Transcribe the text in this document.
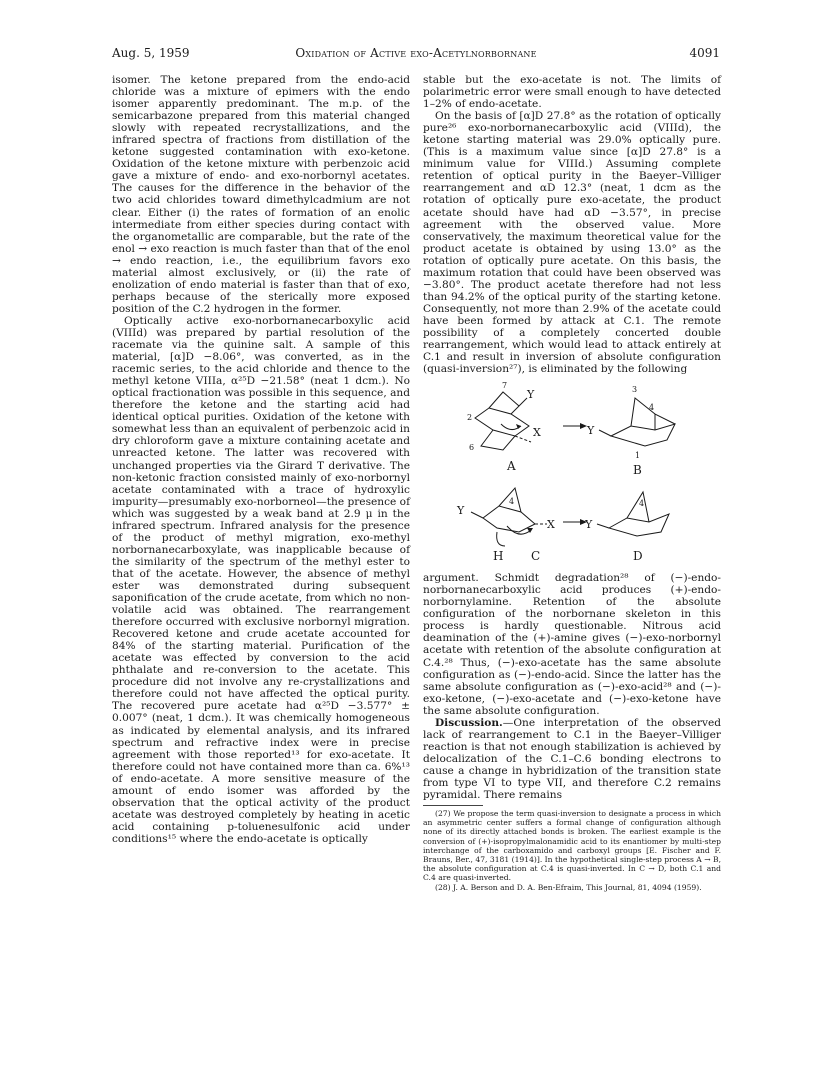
Aug. 5, 1959	Oxidation of Active exo-Acetylnorbornane	4091

isomer. The ketone prepared from the endo-acid chloride was a mixture of epimers with the endo isomer apparently predominant. The m.p. of the semicarbazone prepared from this material changed slowly with repeated recrystallizations, and the infrared spectra of fractions from distillation of the ketone suggested contamination with exo-ketone. Oxidation of the ketone mixture with perbenzoic acid gave a mixture of endo- and exo-norbornyl acetates. The causes for the difference in the behavior of the two acid chlorides toward dimethylcadmium are not clear. Either (i) the rates of formation of an enolic intermediate from either species during contact with the organometallic are comparable, but the rate of the enol → exo reaction is much faster than that of the enol → endo reaction, i.e., the equilibrium favors exo material almost exclusively, or (ii) the rate of enolization of endo material is faster than that of exo, perhaps because of the sterically more exposed position of the C.2 hydrogen in the former.

Optically active exo-norbornanecarboxylic acid (VIIId) was prepared by partial resolution of the racemate via the quinine salt. A sample of this material, [α]D −8.06°, was converted, as in the racemic series, to the acid chloride and thence to the methyl ketone VIIIa, α²⁵D −21.58° (neat 1 dcm.). No optical fractionation was possible in this sequence, and therefore the ketone and the starting acid had identical optical purities. Oxidation of the ketone with somewhat less than an equivalent of perbenzoic acid in dry chloroform gave a mixture containing acetate and unreacted ketone. The latter was recovered with unchanged properties via the Girard T derivative. The non-ketonic fraction consisted mainly of exo-norbornyl acetate contaminated with a trace of hydroxylic impurity—presumably exo-norborneol—the presence of which was suggested by a weak band at 2.9 μ in the infrared spectrum. Infrared analysis for the presence of the product of methyl migration, exo-methyl norbornanecarboxylate, was inapplicable because of the similarity of the spectrum of the methyl ester to that of the acetate. However, the absence of methyl ester was demonstrated during subsequent saponification of the crude acetate, from which no non-volatile acid was obtained. The rearrangement therefore occurred with exclusive norbornyl migration. Recovered ketone and crude acetate accounted for 84% of the starting material. Purification of the acetate was effected by conversion to the acid phthalate and re-conversion to the acetate. This procedure did not involve any re-crystallizations and therefore could not have affected the optical purity. The recovered pure acetate had α²⁵D −3.577° ± 0.007° (neat, 1 dcm.). It was chemically homogeneous as indicated by elemental analysis, and its infrared spectrum and refractive index were in precise agreement with those reported¹³ for exo-acetate. It therefore could not have contained more than ca. 6%¹³ of endo-acetate. A more sensitive measure of the amount of endo isomer was afforded by the observation that the optical activity of the product acetate was destroyed completely by heating in acetic acid containing p-toluenesulfonic acid under conditions¹⁵ where the endo-acetate is optically

stable but the exo-acetate is not. The limits of polarimetric error were small enough to have detected 1–2% of endo-acetate.

On the basis of [α]D 27.8° as the rotation of optically pure²⁶ exo-norbornanecarboxylic acid (VIIId), the ketone starting material was 29.0% optically pure. (This is a maximum value since [α]D 27.8° is a minimum value for VIIId.) Assuming complete retention of optical purity in the Baeyer–Villiger rearrangement and αD 12.3° (neat, 1 dcm as the rotation of optically pure exo-acetate, the product acetate should have had αD −3.57°, in precise agreement with the observed value. More conservatively, the maximum theoretical value for the product acetate is obtained by using 13.0° as the rotation of optically pure acetate. On this basis, the maximum rotation that could have been observed was −3.80°. The product acetate therefore had not less than 94.2% of the optical purity of the starting ketone. Consequently, not more than 2.9% of the acetate could have been formed by attack at C.1. The remote possibility of a completely concerted double rearrangement, which would lead to attack entirely at C.1 and result in inversion of absolute configuration (quasi-inversion²⁷), is eliminated by the following

7
Y
X
2
6
A
3
Y
4
1
B
Y
X
4
H C
Y
4
D

argument. Schmidt degradation²⁸ of (−)-endo-norbornanecarboxylic acid produces (+)-endo-norbornylamine. Retention of the absolute configuration of the norbornane skeleton in this process is hardly questionable. Nitrous acid deamination of the (+)-amine gives (−)-exo-norbornyl acetate with retention of the absolute configuration at C.4.²⁸ Thus, (−)-exo-acetate has the same absolute configuration as (−)-endo-acid. Since the latter has the same absolute configuration as (−)-exo-acid²⁸ and (−)-exo-ketone, (−)-exo-acetate and (−)-exo-ketone have the same absolute configuration.

Discussion.—One interpretation of the observed lack of rearrangement to C.1 in the Baeyer–Villiger reaction is that not enough stabilization is achieved by delocalization of the C.1–C.6 bonding electrons to cause a change in hybridization of the transition state from type VI to type VII, and therefore C.2 remains pyramidal. There remains

(27) We propose the term quasi-inversion to designate a process in which an asymmetric center suffers a formal change of configuration although none of its directly attached bonds is broken. The earliest example is the conversion of (+)-isopropylmalonamidic acid to its enantiomer by multi-step interchange of the carboxamido and carboxyl groups [E. Fischer and F. Brauns, Ber., 47, 3181 (1914)]. In the hypothetical single-step process A → B, the absolute configuration at C.4 is quasi-inverted. In C → D, both C.1 and C.4 are quasi-inverted.

(28) J. A. Berson and D. A. Ben-Efraim, This Journal, 81, 4094 (1959).
